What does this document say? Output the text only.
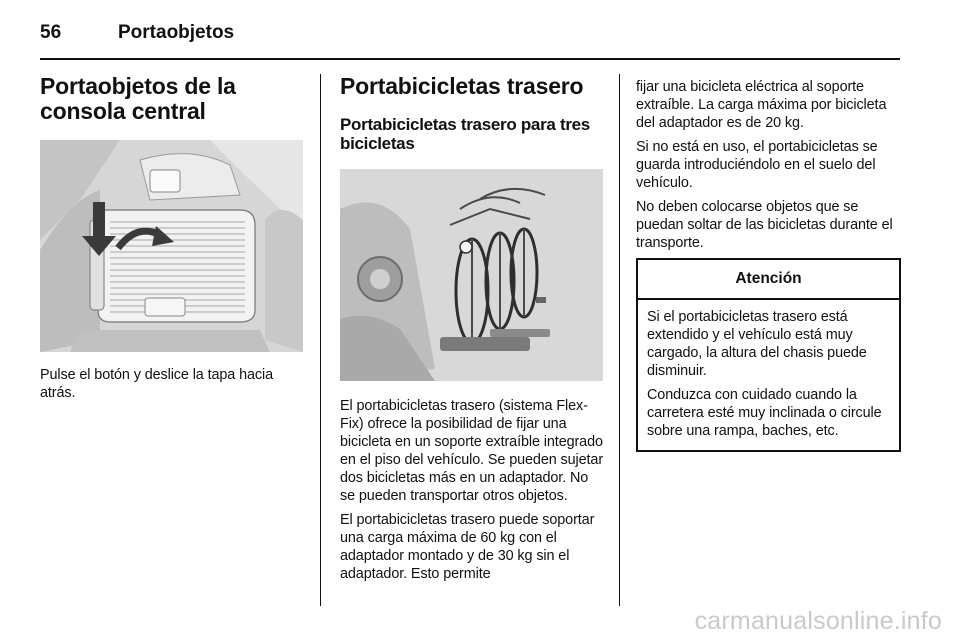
56	Portaobjetos
Portaobjetos de la consola central

Pulse el botón y deslice la tapa hacia atrás.

Portabicicletas trasero
Portabicicletas trasero para tres bicicletas

El portabicicletas trasero (sistema Flex-Fix) ofrece la posibilidad de fijar una bicicleta en un soporte extraíble integrado en el piso del vehículo. Se pueden sujetar dos bicicletas más en un adaptador. No se pueden transportar otros objetos.

El portabicicletas trasero puede soportar una carga máxima de 60 kg con el adaptador montado y de 30 kg sin el adaptador. Esto permite

fijar una bicicleta eléctrica al soporte extraíble. La carga máxima por bicicleta del adaptador es de 20 kg.

Si no está en uso, el portabicicletas se guarda introduciéndolo en el suelo del vehículo.

No deben colocarse objetos que se puedan soltar de las bicicletas durante el transporte.

Atención

Si el portabicicletas trasero está extendido y el vehículo está muy cargado, la altura del chasis puede disminuir.

Conduzca con cuidado cuando la carretera esté muy inclinada o circule sobre una rampa, baches, etc.

carmanualsonline.info
